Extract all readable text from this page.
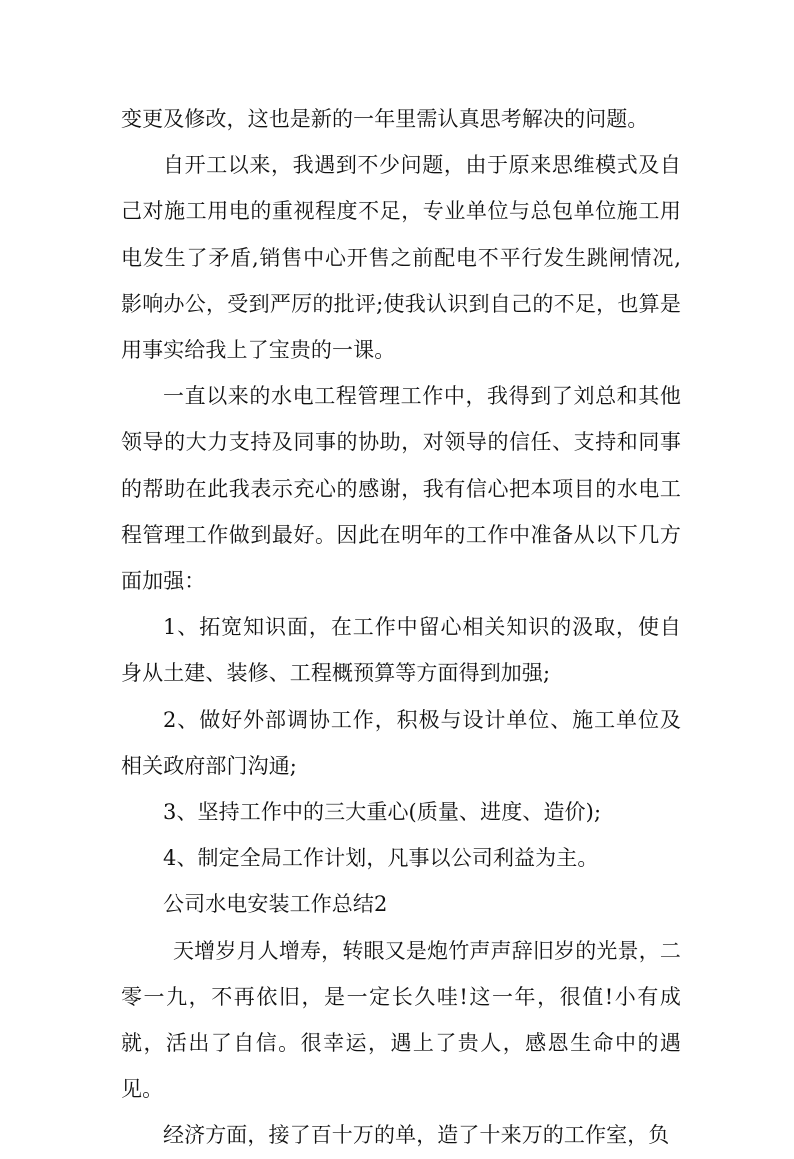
变更及修改，这也是新的一年里需认真思考解决的问题。

自开工以来，我遇到不少问题，由于原来思维模式及自己对施工用电的重视程度不足，专业单位与总包单位施工用电发生了矛盾,销售中心开售之前配电不平行发生跳闸情况,影响办公，受到严厉的批评;使我认识到自己的不足，也算是用事实给我上了宝贵的一课。

一直以来的水电工程管理工作中，我得到了刘总和其他领导的大力支持及同事的协助，对领导的信任、支持和同事的帮助在此我表示充心的感谢，我有信心把本项目的水电工程管理工作做到最好。因此在明年的工作中准备从以下几方面加强：

1、拓宽知识面，在工作中留心相关知识的汲取，使自身从土建、装修、工程概预算等方面得到加强;

2、做好外部调协工作，积极与设计单位、施工单位及相关政府部门沟通;

3、坚持工作中的三大重心(质量、进度、造价);

4、制定全局工作计划，凡事以公司利益为主。

公司水电安装工作总结2

天增岁月人增寿，转眼又是炮竹声声辞旧岁的光景，二零一九，不再依旧，是一定长久哇!这一年，很值!小有成就，活出了自信。很幸运，遇上了贵人，感恩生命中的遇见。

经济方面，接了百十万的单，造了十来万的工作室，负
